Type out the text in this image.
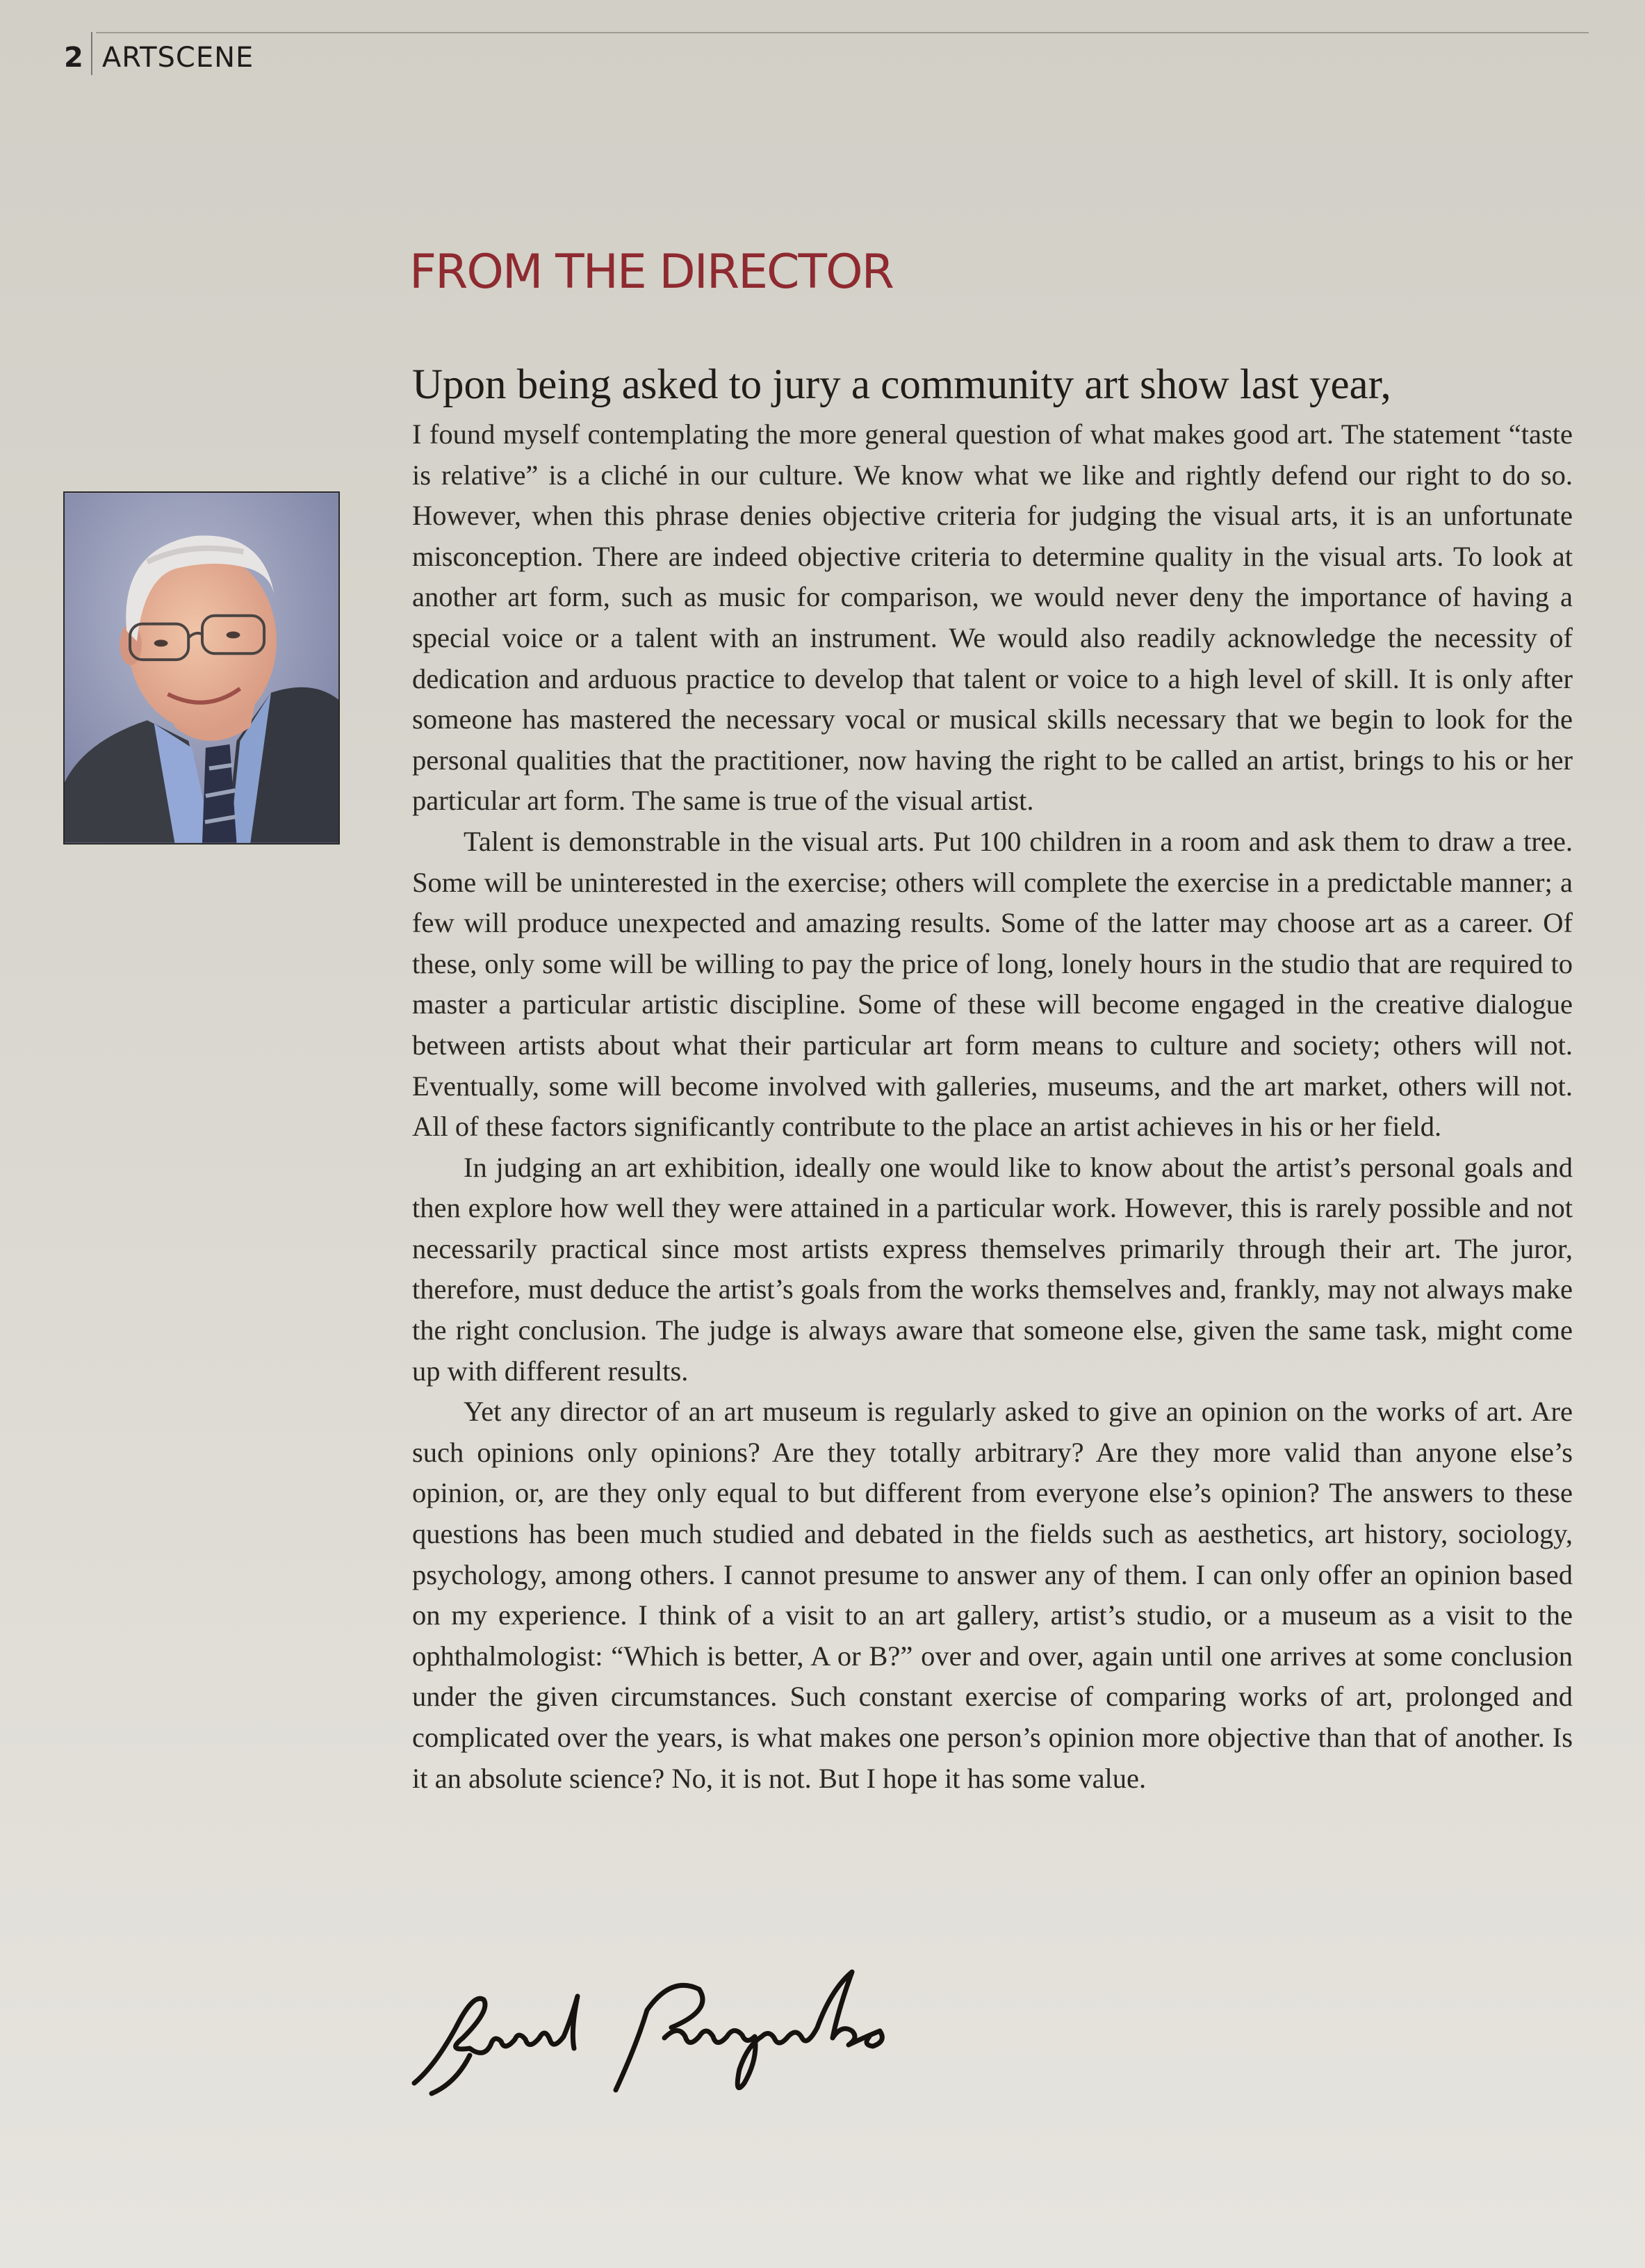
2 ARTSCENE
FROM THE DIRECTOR

Upon being asked to jury a community art show last year,

I found myself contemplating the more general question of what makes good art. The statement “taste is relative” is a cliché in our culture. We know what we like and rightly defend our right to do so. However, when this phrase denies objective criteria for judging the visual arts, it is an unfortunate misconception. There are indeed objective criteria to determine quality in the visual arts. To look at another art form, such as music for comparison, we would never deny the importance of having a special voice or a talent with an instrument. We would also readily acknowledge the necessity of dedication and arduous practice to develop that talent or voice to a high level of skill. It is only after someone has mastered the necessary vocal or musical skills necessary that we begin to look for the personal qualities that the practitioner, now having the right to be called an artist, brings to his or her particular art form. The same is true of the visual artist.

Talent is demonstrable in the visual arts. Put 100 children in a room and ask them to draw a tree. Some will be uninterested in the exercise; others will complete the exercise in a predictable manner; a few will produce unexpected and amazing results. Some of the latter may choose art as a career. Of these, only some will be willing to pay the price of long, lonely hours in the studio that are required to master a particular artistic discipline. Some of these will become engaged in the creative dialogue between artists about what their particular art form means to culture and society; others will not. Eventually, some will become involved with galleries, museums, and the art market, others will not. All of these factors significantly contribute to the place an artist achieves in his or her field.

In judging an art exhibition, ideally one would like to know about the artist’s personal goals and then explore how well they were attained in a particular work. However, this is rarely possible and not necessarily practical since most artists express themselves primarily through their art. The juror, therefore, must deduce the artist’s goals from the works themselves and, frankly, may not always make the right conclusion. The judge is always aware that someone else, given the same task, might come up with different results.

Yet any director of an art museum is regularly asked to give an opinion on the works of art. Are such opinions only opinions? Are they totally arbitrary? Are they more valid than anyone else’s opinion, or, are they only equal to but different from everyone else’s opinion? The answers to these questions has been much studied and debated in the fields such as aesthetics, art history, sociology, psychology, among others. I cannot presume to answer any of them. I can only offer an opinion based on my experience. I think of a visit to an art gallery, artist’s studio, or a museum as a visit to the ophthalmologist: “Which is better, A or B?” over and over, again until one arrives at some conclusion under the given circumstances. Such constant exercise of comparing works of art, prolonged and complicated over the years, is what makes one person’s opinion more objective than that of another. Is it an absolute science? No, it is not. But I hope it has some value.
